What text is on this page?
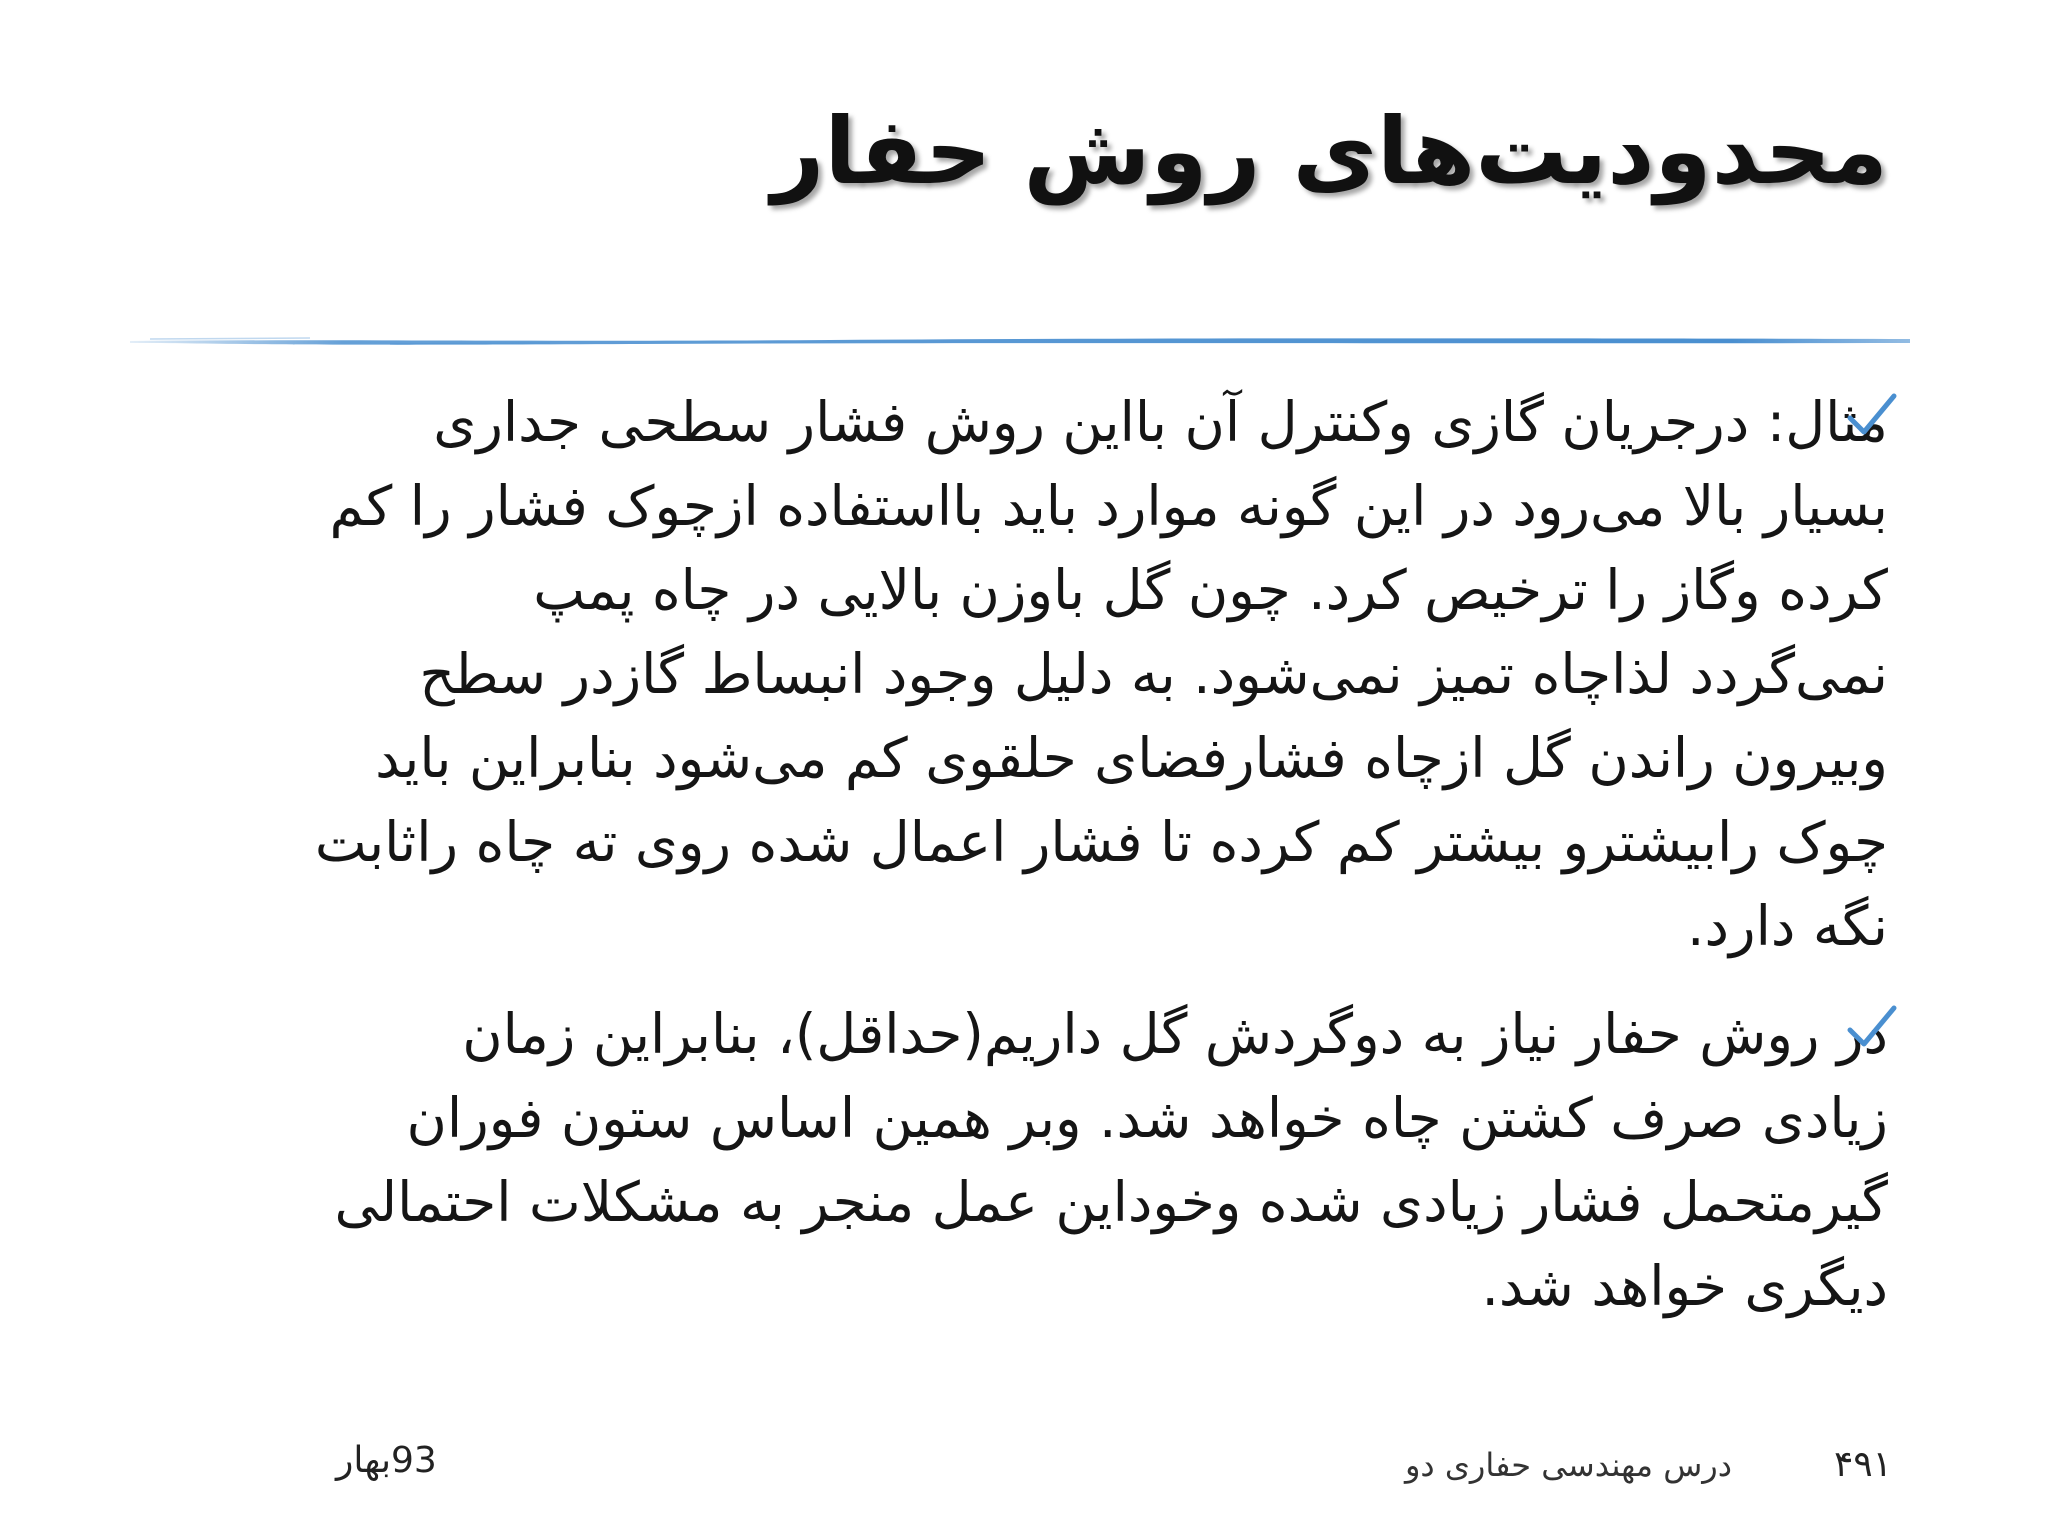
محدودیت‌های روش حفار
مثال: درجریان گازی وکنترل آن بااین روش فشار سطحی جداری
بسیار بالا می‌رود در این گونه موارد باید بااستفاده ازچوک فشار را کم
کرده وگاز را ترخیص کرد. چون گل باوزن بالایی در چاه پمپ
نمی‌گردد لذاچاه تمیز نمی‌شود. به دلیل وجود انبساط گازدر سطح
وبیرون راندن گل ازچاه فشارفضای حلقوی کم می‌شود بنابراین باید
چوک رابیشترو بیشتر کم کرده تا فشار اعمال شده روی ته چاه راثابت
نگه دارد.
در روش حفار نیاز به دوگردش گل داریم(حداقل)، بنابراین زمان
زیادی صرف کشتن چاه خواهد شد. وبر همین اساس ستون فوران
گیرمتحمل فشار زیادی شده وخوداین عمل منجر به مشکلات احتمالی
دیگری خواهد شد.
93بهار	درس مهندسی حفاری دو	۴۹۱
